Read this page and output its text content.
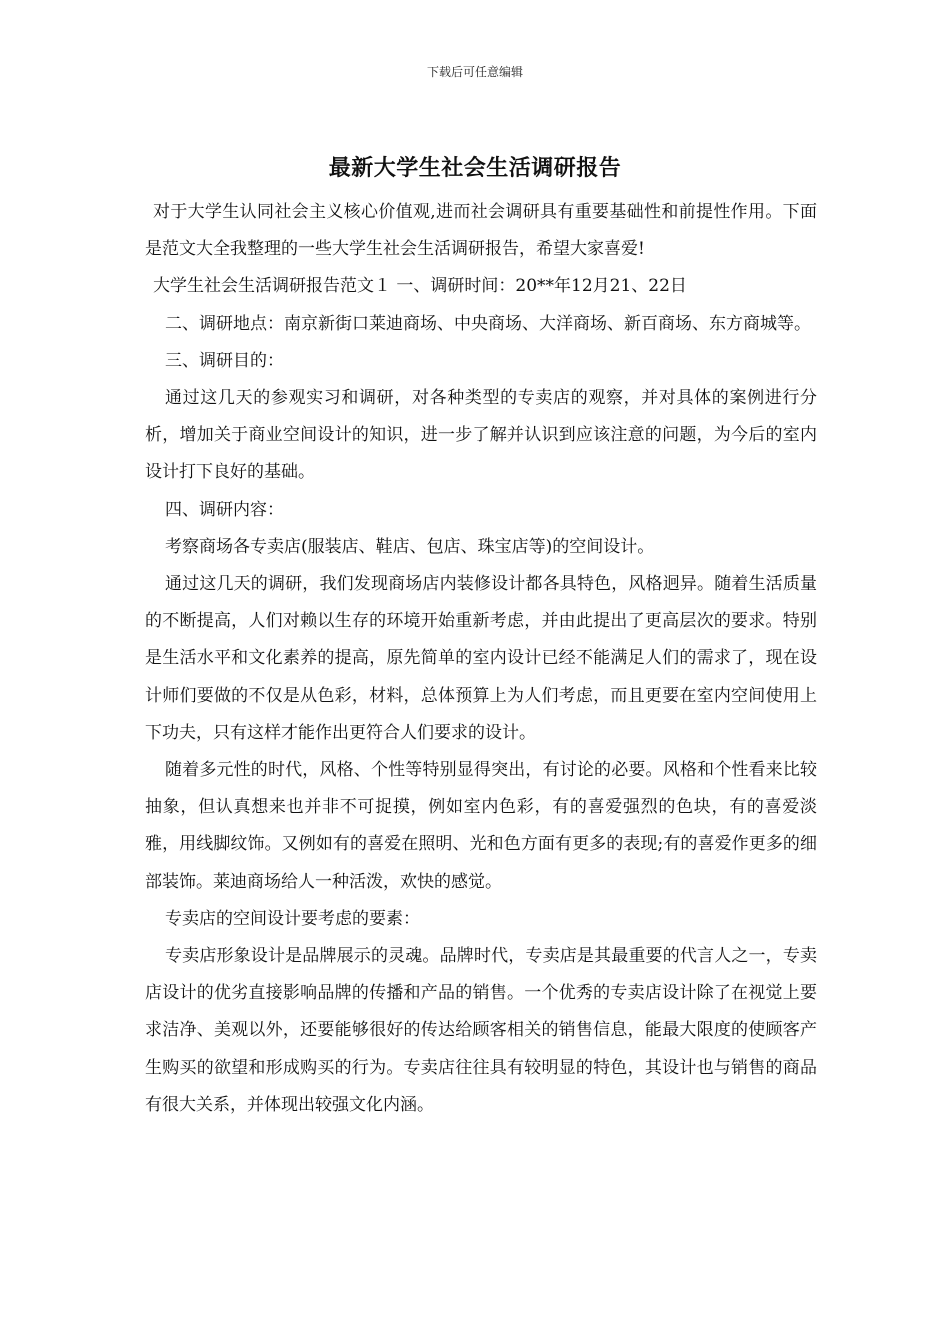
下载后可任意编辑
最新大学生社会生活调研报告

对于大学生认同社会主义核心价值观,进而社会调研具有重要基础性和前提性作用。下面是范文大全我整理的一些大学生社会生活调研报告，希望大家喜爱!

大学生社会生活调研报告范文１ 一、调研时间：20**年12月21、22日

二、调研地点：南京新街口莱迪商场、中央商场、大洋商场、新百商场、东方商城等。

三、调研目的：

通过这几天的参观实习和调研，对各种类型的专卖店的观察，并对具体的案例进行分析，增加关于商业空间设计的知识，进一步了解并认识到应该注意的问题，为今后的室内设计打下良好的基础。

四、调研内容：

考察商场各专卖店(服装店、鞋店、包店、珠宝店等)的空间设计。

通过这几天的调研，我们发现商场店内装修设计都各具特色，风格迥异。随着生活质量的不断提高，人们对赖以生存的环境开始重新考虑，并由此提出了更高层次的要求。特别是生活水平和文化素养的提高，原先简单的室内设计已经不能满足人们的需求了，现在设计师们要做的不仅是从色彩，材料，总体预算上为人们考虑，而且更要在室内空间使用上下功夫，只有这样才能作出更符合人们要求的设计。

随着多元性的时代，风格、个性等特别显得突出，有讨论的必要。风格和个性看来比较抽象，但认真想来也并非不可捉摸，例如室内色彩，有的喜爱强烈的色块，有的喜爱淡雅，用线脚纹饰。又例如有的喜爱在照明、光和色方面有更多的表现;有的喜爱作更多的细部装饰。莱迪商场给人一种活泼，欢快的感觉。

专卖店的空间设计要考虑的要素：

专卖店形象设计是品牌展示的灵魂。品牌时代，专卖店是其最重要的代言人之一，专卖店设计的优劣直接影响品牌的传播和产品的销售。一个优秀的专卖店设计除了在视觉上要求洁净、美观以外，还要能够很好的传达给顾客相关的销售信息，能最大限度的使顾客产生购买的欲望和形成购买的行为。专卖店往往具有较明显的特色，其设计也与销售的商品有很大关系，并体现出较强文化内涵。
